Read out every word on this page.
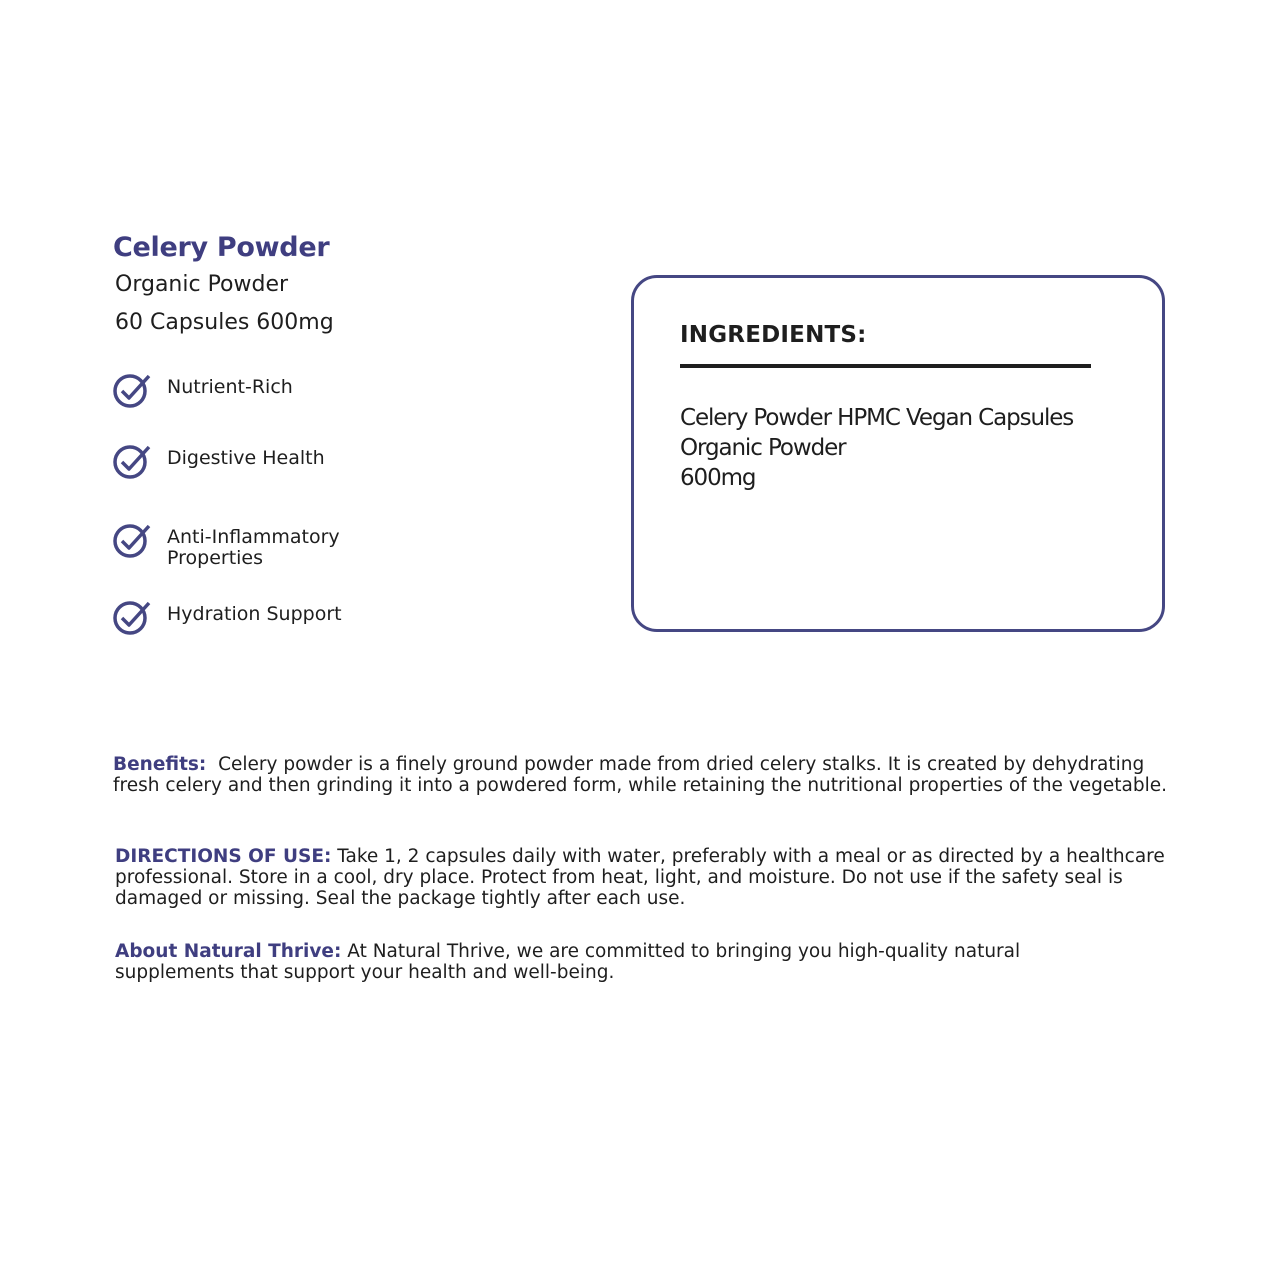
Celery Powder
Organic Powder
60 Capsules 600mg
Nutrient-Rich
Digestive Health
Anti-Inflammatory Properties
Hydration Support
INGREDIENTS:
Celery Powder HPMC Vegan Capsules
Organic Powder
600mg
Benefits:  Celery powder is a finely ground powder made from dried celery stalks. It is created by dehydrating fresh celery and then grinding it into a powdered form, while retaining the nutritional properties of the vegetable.
DIRECTIONS OF USE: Take 1, 2 capsules daily with water, preferably with a meal or as directed by a healthcare professional. Store in a cool, dry place. Protect from heat, light, and moisture. Do not use if the safety seal is damaged or missing. Seal the package tightly after each use.
About Natural Thrive: At Natural Thrive, we are committed to bringing you high-quality natural supplements that support your health and well-being.
